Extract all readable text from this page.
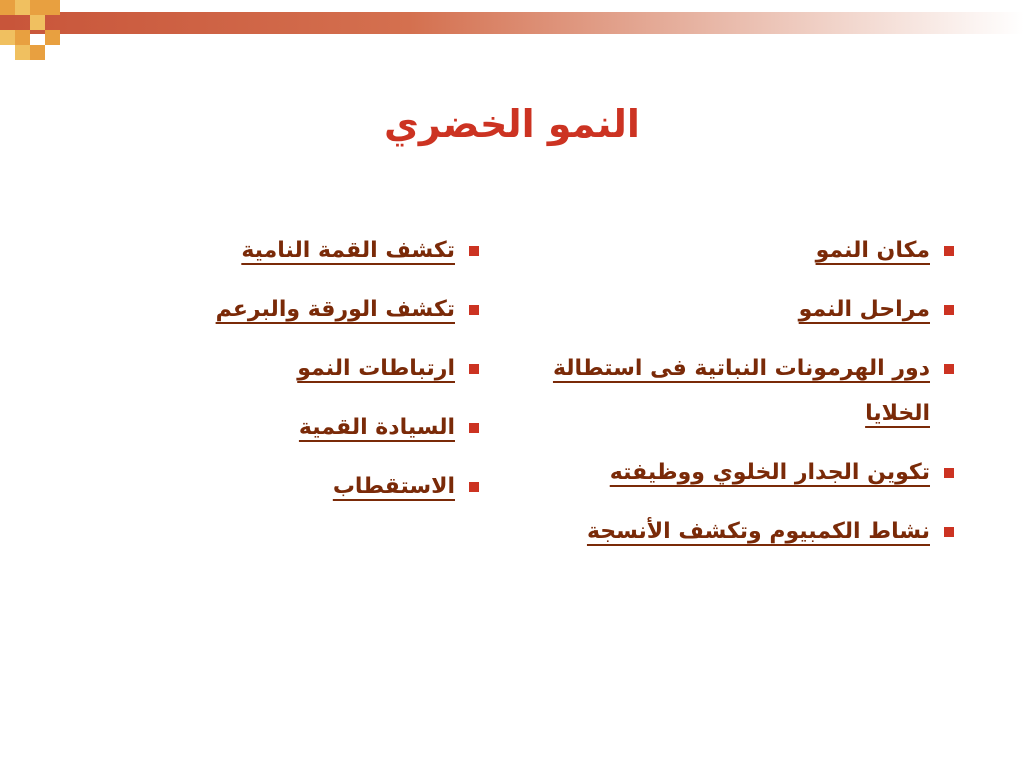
النمو الخضري
مكان النمو
مراحل النمو
دور الهرمونات النباتية فى استطالة الخلايا
تكوين الجدار الخلوي ووظيفته
نشاط الكمبيوم وتكشف الأنسجة
تكشف القمة النامية
تكشف الورقة والبرعم
ارتباطات النمو
السيادة القمية
الاستقطاب
